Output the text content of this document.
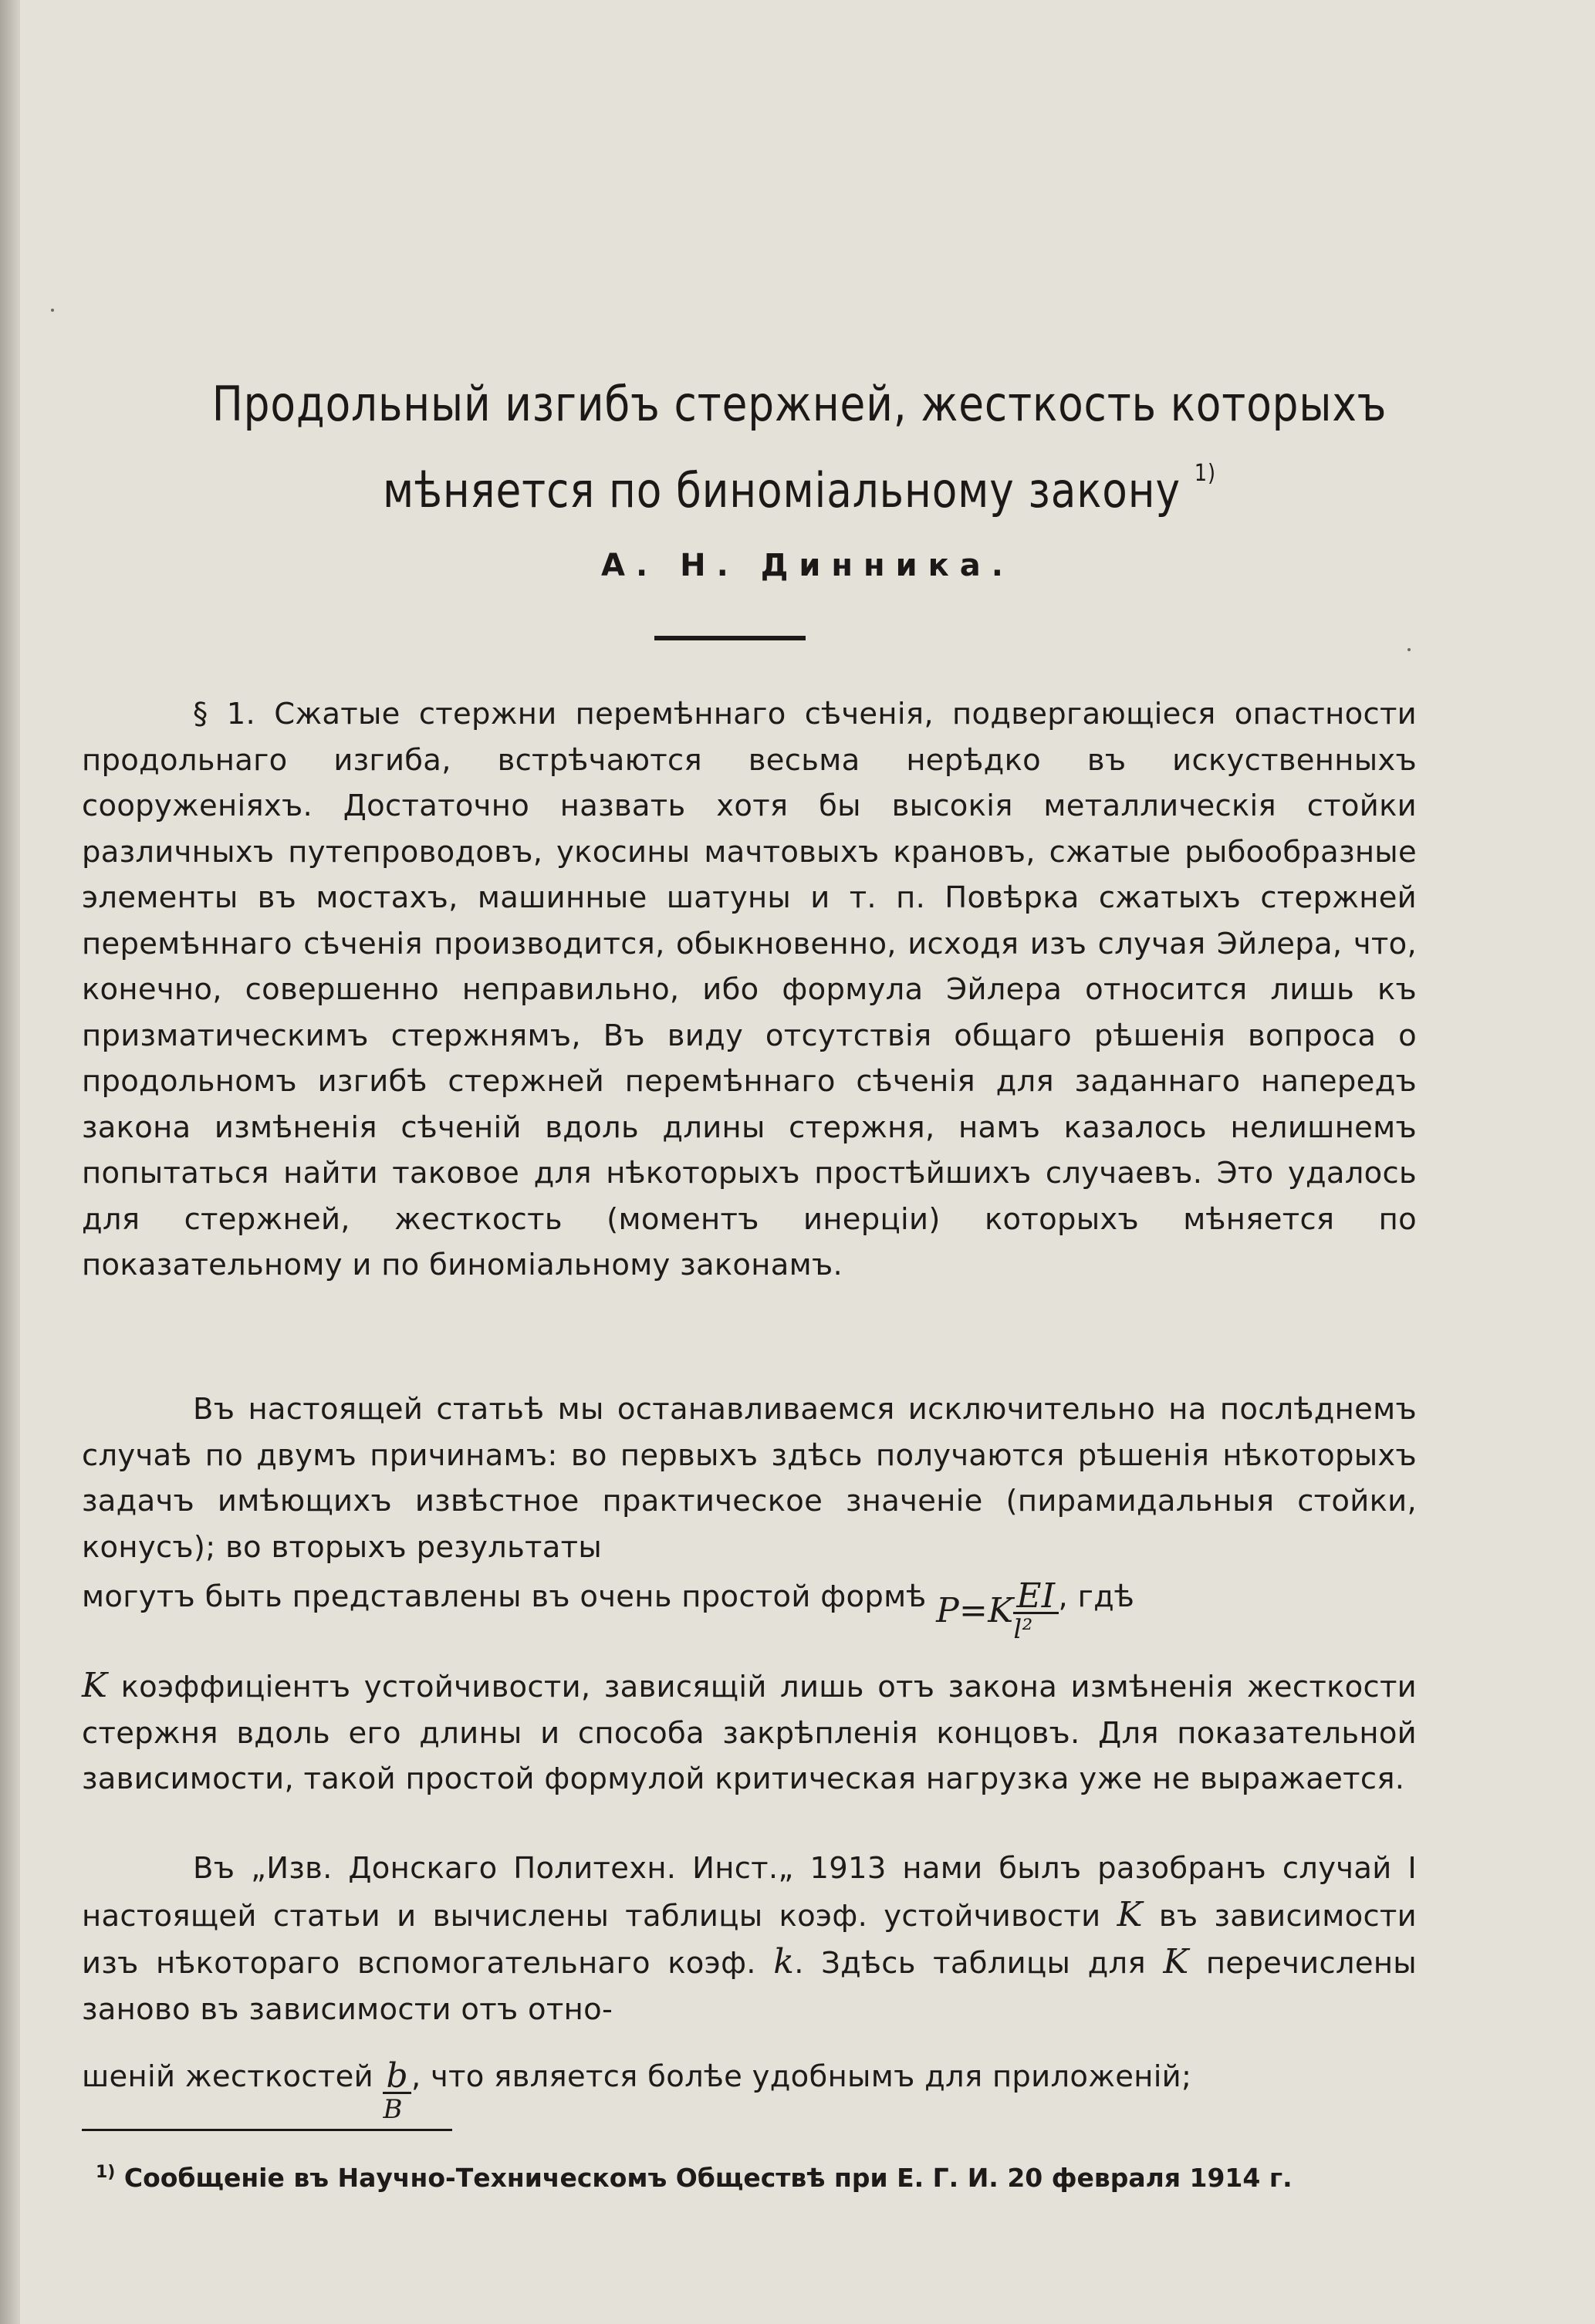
Продольный изгибъ стержней, жесткость которыхъ
мѣняется по биноміальному закону $^{1)}$
А. Н. Динника.
§ 1. Сжатые стержни перемѣннаго сѣченія, подвергающіеся опастности продольнаго изгиба, встрѣчаются весьма нерѣдко въ искуственныхъ сооруженіяхъ. Достаточно назвать хотя бы высокія металлическія стойки различныхъ путепроводовъ, укосины мачтовыхъ крановъ, сжатые рыбообразные элементы въ мостахъ, машинные шатуны и т. п. Повѣрка сжатыхъ стержней перемѣннаго сѣченія производится, обыкновенно, исходя изъ случая Эйлера, что, конечно, совершенно неправильно, ибо формула Эйлера относится лишь къ призматическимъ стержнямъ, Въ виду отсутствія общаго рѣшенія вопроса о продольномъ изгибѣ стержней перемѣннаго сѣченія для заданнаго напередъ закона измѣненія сѣченій вдоль длины стержня, намъ казалось нелишнемъ попытаться найти таковое для нѣкоторыхъ простѣйшихъ случаевъ. Это удалось для стержней, жесткость (моментъ инерціи) которыхъ мѣняется по показательному и по биноміальному законамъ.
Въ настоящей статьѣ мы останавливаемся исключительно на послѣднемъ случаѣ по двумъ причинамъ: во первыхъ здѣсь получаются рѣшенія нѣкоторыхъ задачъ имѣющихъ извѣстное практическое значеніе (пирамидальныя стойки, конусъ); во вторыхъ результаты
могутъ быть представлены въ очень простой формѣ $P=K \frac{EI}{\text{l²}}$ , гдѣ
K коэффиціентъ устойчивости, зависящій лишь отъ закона измѣненія жесткости стержня вдоль его длины и способа закрѣпленія концовъ. Для показательной зависимости, такой простой формулой критическая нагрузка уже не выражается.
Въ „Изв. Донскаго Политехн. Инст.„ 1913 нами былъ разобранъ случай I настоящей статьи и вычислены таблицы коэф. устойчивости K въ зависимости изъ нѣкотораго вспомогательнаго коэф. k. Здѣсь таблицы для K перечислены заново въ зависимости отъ отно-
шеній жесткостей $\frac{b}{B}$ , что является болѣе удобнымъ для приложеній;
$^{1)}$ Сообщеніе въ Научно-Техническомъ Обществѣ при Е. Г. И. 20 февраля 1914 г.
